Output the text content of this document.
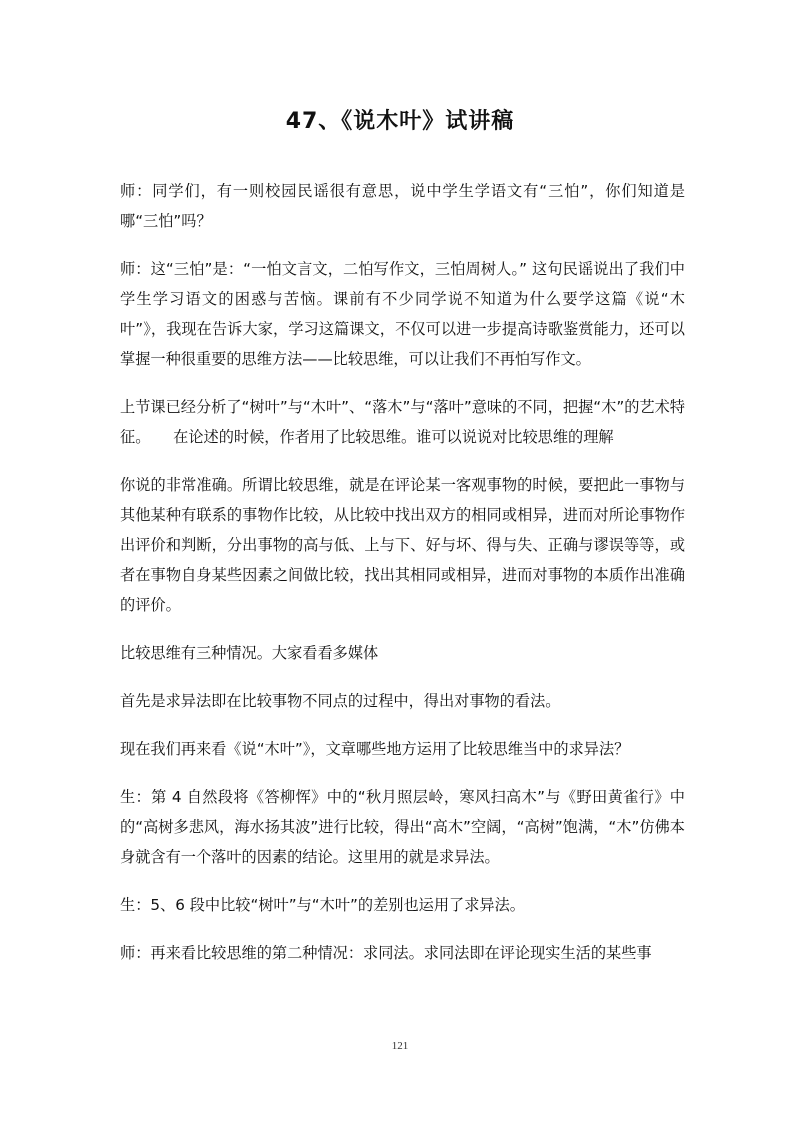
47、《说木叶》试讲稿

师：同学们，有一则校园民谣很有意思，说中学生学语文有“三怕”，你们知道是哪“三怕”吗？

师：这“三怕”是：“一怕文言文，二怕写作文，三怕周树人。” 这句民谣说出了我们中学生学习语文的困惑与苦恼。课前有不少同学说不知道为什么要学这篇《说“木叶”》，我现在告诉大家，学习这篇课文，不仅可以进一步提高诗歌鉴赏能力，还可以掌握一种很重要的思维方法——比较思维，可以让我们不再怕写作文。

上节课已经分析了“树叶”与“木叶”、“落木”与“落叶”意味的不同，把握“木”的艺术特征。　　在论述的时候，作者用了比较思维。谁可以说说对比较思维的理解

你说的非常准确。所谓比较思维，就是在评论某一客观事物的时候，要把此一事物与其他某种有联系的事物作比较，从比较中找出双方的相同或相异，进而对所论事物作出评价和判断，分出事物的高与低、上与下、好与坏、得与失、正确与谬误等等，或者在事物自身某些因素之间做比较，找出其相同或相异，进而对事物的本质作出准确的评价。

比较思维有三种情况。大家看看多媒体

首先是求异法即在比较事物不同点的过程中，得出对事物的看法。

现在我们再来看《说“木叶”》，文章哪些地方运用了比较思维当中的求异法？

生：第 4 自然段将《答柳恽》中的“秋月照层岭，寒风扫高木”与《野田黄雀行》中的“高树多悲风，海水扬其波”进行比较，得出“高木”空阔，“高树”饱满，“木”仿佛本身就含有一个落叶的因素的结论。这里用的就是求异法。

生：5、6 段中比较“树叶”与“木叶”的差别也运用了求异法。

师：再来看比较思维的第二种情况：求同法。求同法即在评论现实生活的某些事

121
